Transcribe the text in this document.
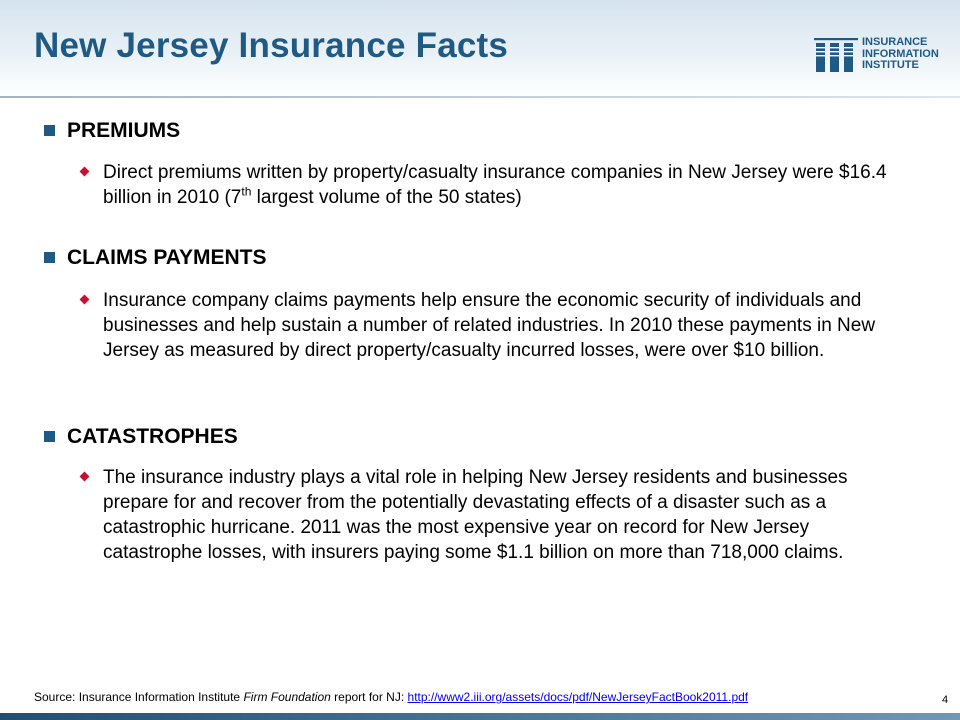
New Jersey Insurance Facts	INSURANCE
INFORMATION
INSTITUTE
PREMIUMS
Direct premiums written by property/casualty insurance companies in New Jersey were $16.4 billion in 2010 (7th largest volume of the 50 states)
CLAIMS PAYMENTS
Insurance company claims payments help ensure the economic security of individuals and businesses and help sustain a number of related industries. In 2010 these payments in New Jersey as measured by direct property/casualty incurred losses, were over $10 billion.
CATASTROPHES
The insurance industry plays a vital role in helping New Jersey residents and businesses prepare for and recover from the potentially devastating effects of a disaster such as a catastrophic hurricane. 2011 was the most expensive year on record for New Jersey catastrophe losses, with insurers paying some $1.1 billion on more than 718,000 claims.
Source: Insurance Information Institute Firm Foundation report for NJ: http://www2.iii.org/assets/docs/pdf/NewJerseyFactBook2011.pdf	4
